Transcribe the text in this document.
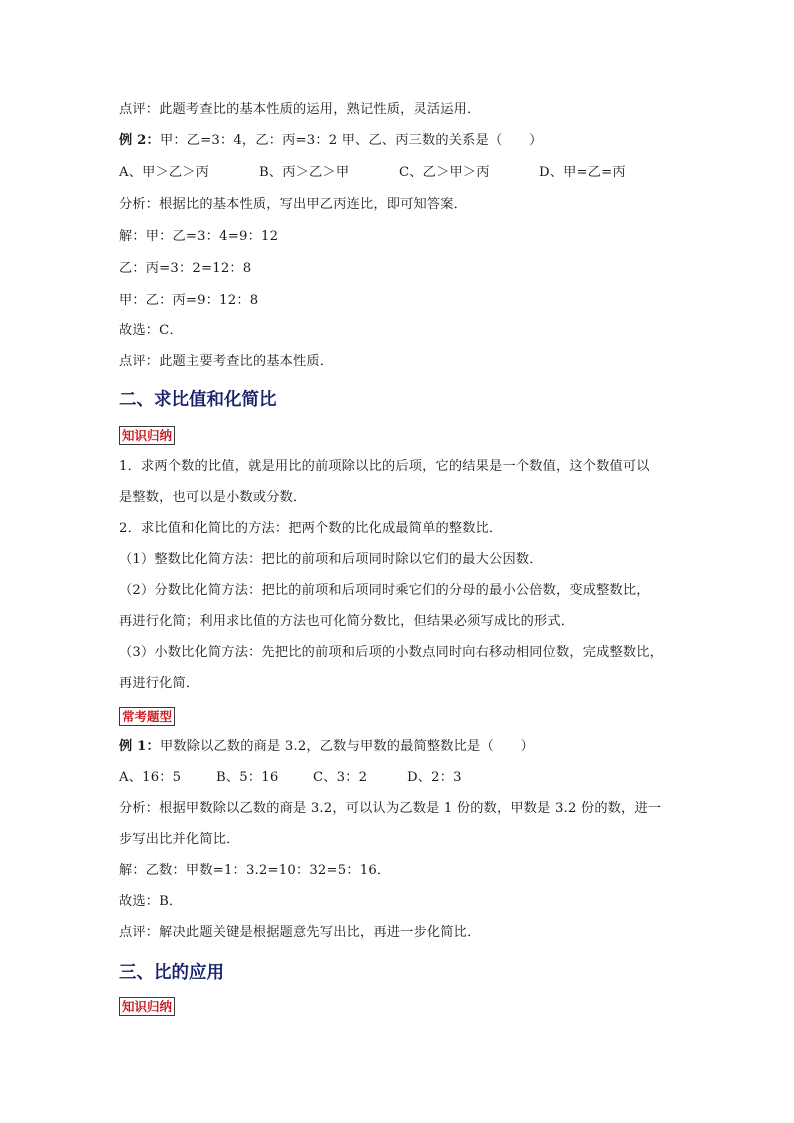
点评：此题考查比的基本性质的运用，熟记性质，灵活运用．
例 2：甲：乙=3：4，乙：丙=3：2 甲、乙、丙三数的关系是（　　）
A、甲＞乙＞丙	B、丙＞乙＞甲	C、乙＞甲＞丙	D、甲=乙=丙
分析：根据比的基本性质，写出甲乙丙连比，即可知答案．
解：甲：乙=3：4=9：12
乙：丙=3：2=12：8
甲：乙：丙=9：12：8
故选：C．
点评：此题主要考查比的基本性质．
二、求比值和化简比
知识归纳
1．求两个数的比值，就是用比的前项除以比的后项，它的结果是一个数值，这个数值可以
是整数，也可以是小数或分数．
2．求比值和化简比的方法：把两个数的比化成最简单的整数比．
（1）整数比化简方法：把比的前项和后项同时除以它们的最大公因数．
（2）分数比化简方法：把比的前项和后项同时乘它们的分母的最小公倍数，变成整数比，
再进行化简；利用求比值的方法也可化简分数比，但结果必须写成比的形式．
（3）小数比化简方法：先把比的前项和后项的小数点同时向右移动相同位数，完成整数比，
再进行化简．
常考题型
例 1：甲数除以乙数的商是 3.2，乙数与甲数的最简整数比是（　　）
A、16：5	B、5：16	C、3：2	D、2：3
分析：根据甲数除以乙数的商是 3.2，可以认为乙数是 1 份的数，甲数是 3.2 份的数，进一
步写出比并化简比．
解：乙数：甲数=1：3.2=10：32=5：16．
故选：B．
点评：解决此题关键是根据题意先写出比，再进一步化简比．
三、比的应用
知识归纳
